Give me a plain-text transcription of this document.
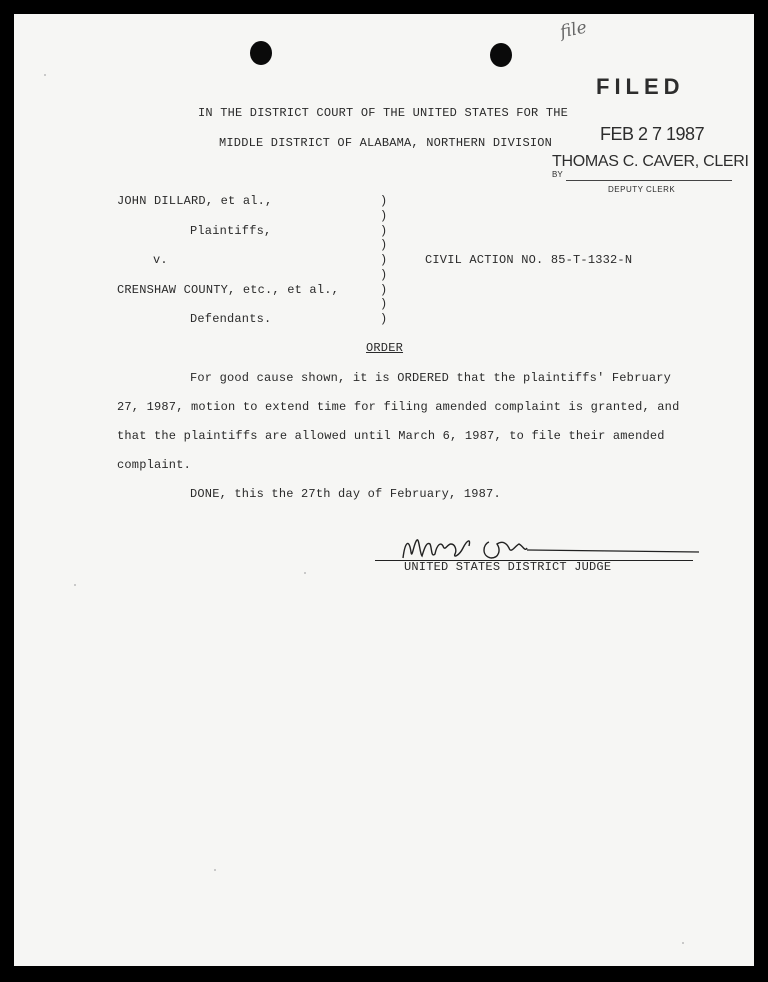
file
FILED
FEB 2 7 1987
THOMAS C. CAVER, CLERI
BY
DEPUTY CLERK
IN THE DISTRICT COURT OF THE UNITED STATES FOR THE
MIDDLE DISTRICT OF ALABAMA, NORTHERN DIVISION
JOHN DILLARD, et al.,
Plaintiffs,
v.
CRENSHAW COUNTY, etc., et al.,
Defendants.
)
)
)
)
)
)
)
)
)
CIVIL ACTION NO. 85-T-1332-N
ORDER
For good cause shown, it is ORDERED that the plaintiffs' February
27, 1987, motion to extend time for filing amended complaint is granted, and
that the plaintiffs are allowed until March 6, 1987, to file their amended
complaint.
DONE, this the 27th day of February, 1987.
UNITED STATES DISTRICT JUDGE
